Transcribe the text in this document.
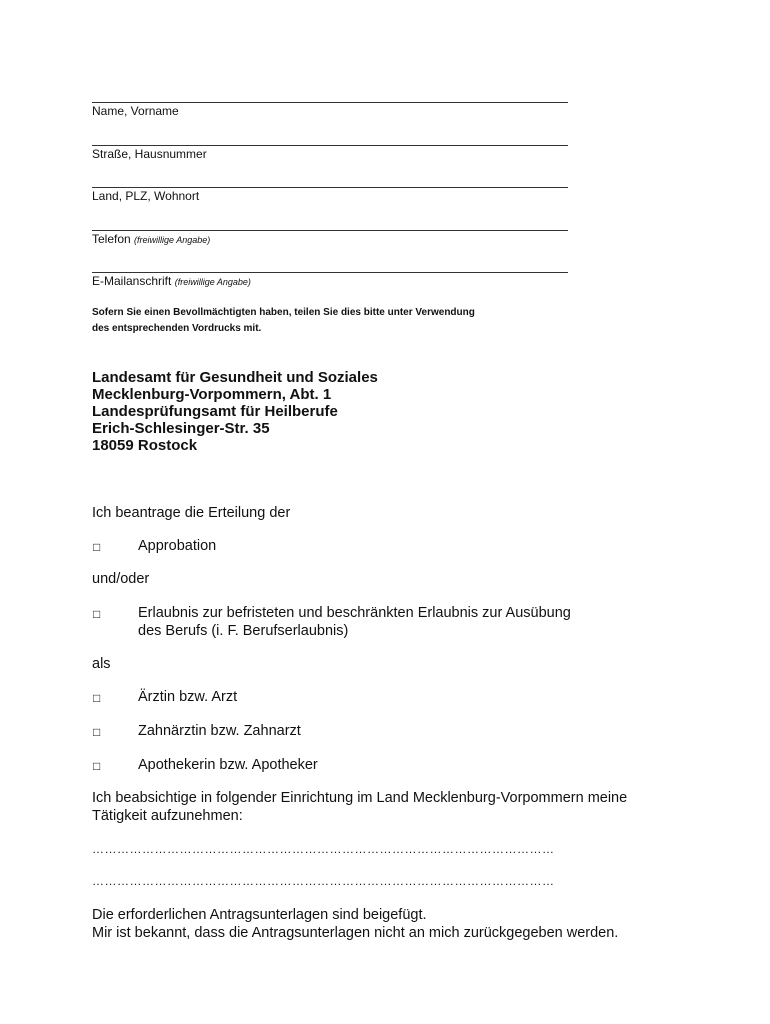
Name, Vorname
Straße, Hausnummer
Land, PLZ, Wohnort
Telefon (freiwillige Angabe)
E-Mailanschrift (freiwillige Angabe)
Sofern Sie einen Bevollmächtigten haben, teilen Sie dies bitte unter Verwendung
des entsprechenden Vordrucks mit.
Landesamt für Gesundheit und Soziales
Mecklenburg-Vorpommern, Abt. 1
Landesprüfungsamt für Heilberufe
Erich-Schlesinger-Str. 35
18059 Rostock
Ich beantrage die Erteilung der
□	Approbation
und/oder
□	Erlaubnis zur befristeten und beschränkten Erlaubnis zur Ausübung
des Berufs (i. F. Berufserlaubnis)
als
□	Ärztin bzw. Arzt
□	Zahnärztin bzw. Zahnarzt
□	Apothekerin bzw. Apotheker
Ich beabsichtige in folgender Einrichtung im Land Mecklenburg-Vorpommern meine
Tätigkeit aufzunehmen:
…………………………………………………………………………………………………
…………………………………………………………………………………………………
Die erforderlichen Antragsunterlagen sind beigefügt.
Mir ist bekannt, dass die Antragsunterlagen nicht an mich zurückgegeben werden.
